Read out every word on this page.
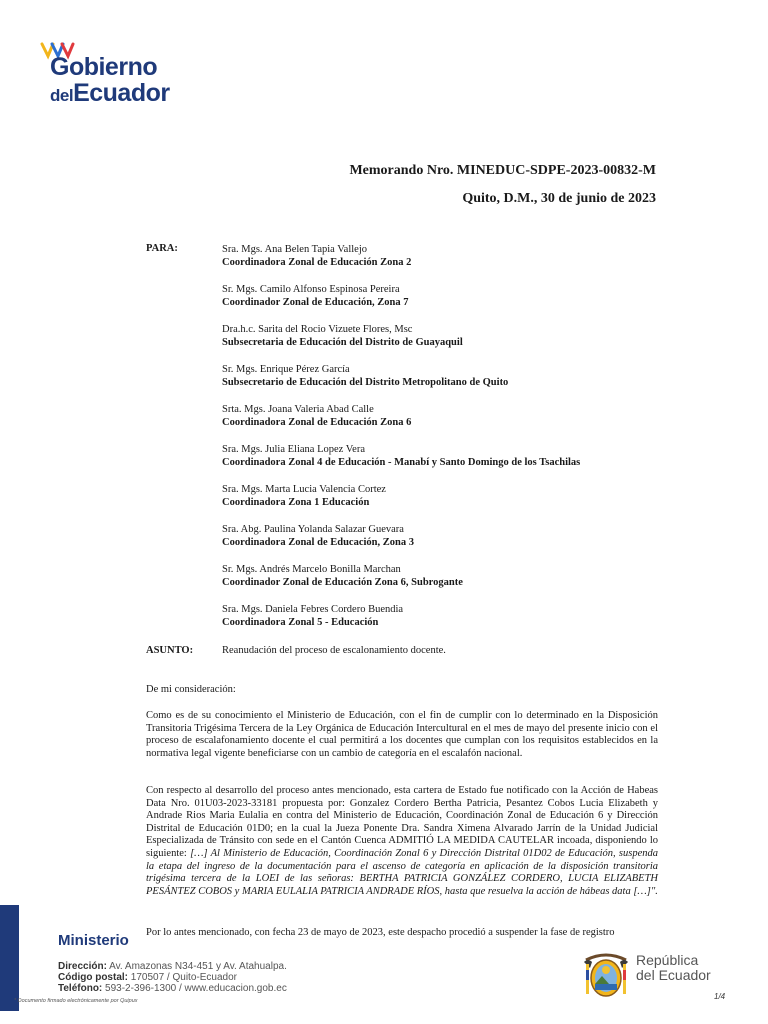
Gobierno
delEcuador
Memorando Nro. MINEDUC-SDPE-2023-00832-M
Quito, D.M., 30 de junio de 2023
PARA:	Sra. Mgs. Ana Belen Tapia Vallejo
Coordinadora Zonal de Educación Zona 2
Sr. Mgs. Camilo Alfonso Espinosa Pereira
Coordinador Zonal de Educación, Zona 7
Dra.h.c. Sarita del Rocio Vizuete Flores, Msc
Subsecretaria de Educación del Distrito de Guayaquil
Sr. Mgs. Enrique Pérez García
Subsecretario de Educación del Distrito Metropolitano de Quito
Srta. Mgs. Joana Valeria Abad Calle
Coordinadora Zonal de Educación Zona 6
Sra. Mgs. Julia Eliana Lopez Vera
Coordinadora Zonal 4 de Educación - Manabí y Santo Domingo de los Tsachilas
Sra. Mgs. Marta Lucia Valencia Cortez
Coordinadora Zona 1 Educación
Sra. Abg. Paulina Yolanda Salazar Guevara
Coordinadora Zonal de Educación, Zona 3
Sr. Mgs. Andrés Marcelo Bonilla Marchan
Coordinador Zonal de Educación Zona 6, Subrogante
Sra. Mgs. Daniela Febres Cordero Buendia
Coordinadora Zonal 5 - Educación
ASUNTO:	Reanudación del proceso de escalonamiento docente.
De mi consideración:
Como es de su conocimiento el Ministerio de Educación, con el fin de cumplir con lo determinado en la Disposición Transitoria Trigésima Tercera de la Ley Orgánica de Educación Intercultural en el mes de mayo del presente inicio con el proceso de escalafonamiento docente el cual permitirá a los docentes que cumplan con los requisitos establecidos en la normativa legal vigente beneficiarse con un cambio de categoría en el escalafón nacional.
Con respecto al desarrollo del proceso antes mencionado, esta cartera de Estado fue notificado con la Acción de Habeas Data Nro. 01U03-2023-33181 propuesta por: Gonzalez Cordero Bertha Patricia, Pesantez Cobos Lucia Elizabeth y Andrade Rios Maria Eulalia en contra del Ministerio de Educación, Coordinación Zonal de Educación 6 y Dirección Distrital de Educación 01D0; en la cual la Jueza Ponente Dra. Sandra Ximena Alvarado Jarrín de la Unidad Judicial Especializada de Tránsito con sede en el Cantón Cuenca ADMITIÓ LA MEDIDA CAUTELAR incoada, disponiendo lo siguiente: […] Al Ministerio de Educación, Coordinación Zonal 6 y Dirección Distrital 01D02 de Educación, suspenda la etapa del ingreso de la documentación para el ascenso de categoría en aplicación de la disposición transitoria trigésima tercera de la LOEI de las señoras: BERTHA PATRICIA GONZÁLEZ CORDERO, LUCIA ELIZABETH PESÁNTEZ COBOS y MARIA EULALIA PATRICIA ANDRADE RÍOS, hasta que resuelva la acción de hábeas data […]".
Por lo antes mencionado, con fecha 23 de mayo de 2023, este despacho procedió a suspender la fase de registro
Ministerio
Dirección: Av. Amazonas N34-451 y Av. Atahualpa.
Código postal: 170507 / Quito-Ecuador
Teléfono: 593-2-396-1300 / www.educacion.gob.ec
* Documento firmado electrónicamente por Quipux
República
del Ecuador
1/4
